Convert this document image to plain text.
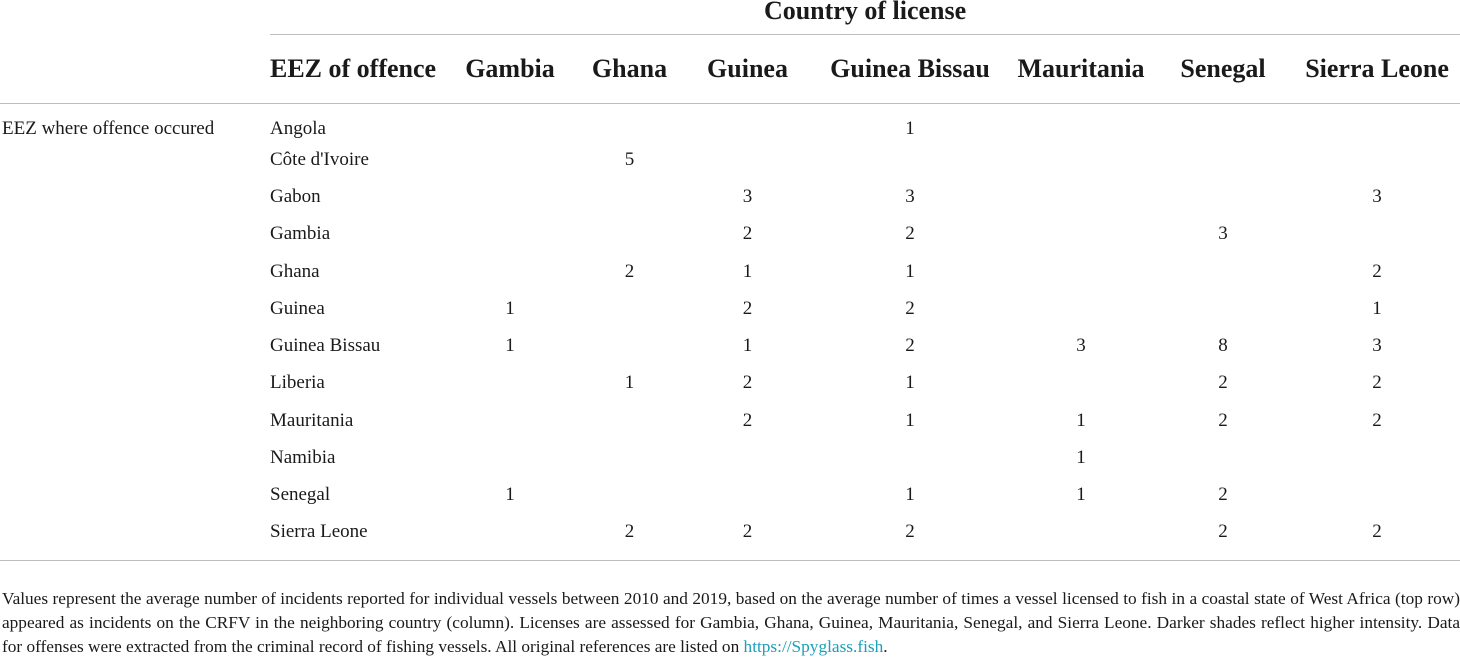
	Country of license							
	EEZ of offence	Gambia	Ghana	Guinea	Guinea Bissau	Mauritania	Senegal	Sierra Leone
EEZ where offence occured	Angola				1			
	Côte d'Ivoire		5					
	Gabon			3	3			3
	Gambia			2	2		3	
	Ghana		2	1	1			2
	Guinea	1		2	2			1
	Guinea Bissau	1		1	2	3	8	3
	Liberia		1	2	1		2	2
	Mauritania			2	1	1	2	2
	Namibia					1		
	Senegal	1			1	1	2	
	Sierra Leone		2	2	2		2	2
Values represent the average number of incidents reported for individual vessels between 2010 and 2019, based on the average number of times a vessel licensed to fish in a coastal state of West Africa (top row) appeared as incidents on the CRFV in the neighboring country (column). Licenses are assessed for Gambia, Ghana, Guinea, Mauritania, Senegal, and Sierra Leone. Darker shades reflect higher intensity. Data for offenses were extracted from the criminal record of fishing vessels. All original references are listed on https://Spyglass.fish.
